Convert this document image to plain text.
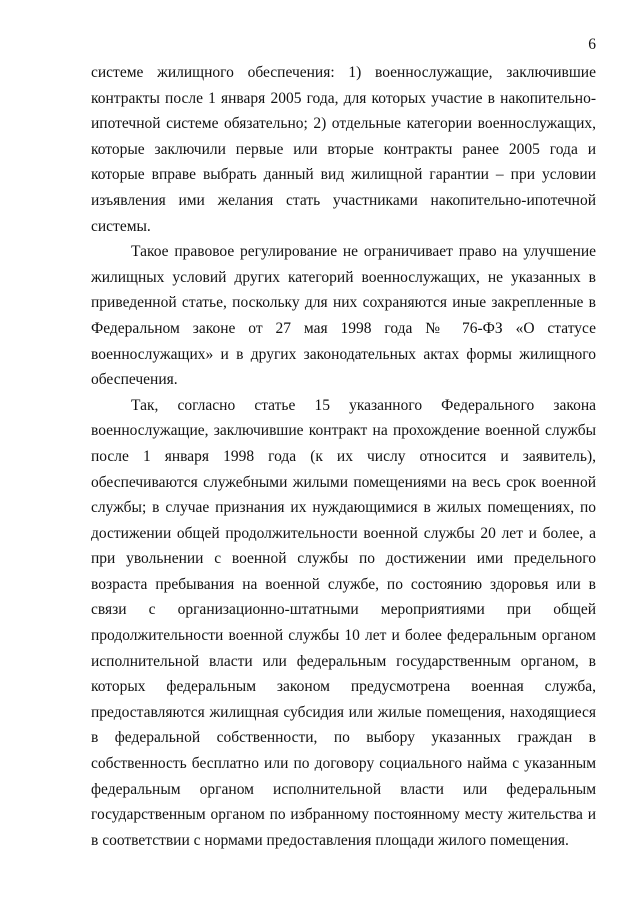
6

системе жилищного обеспечения: 1) военнослужащие, заключившие контракты после 1 января 2005 года, для которых участие в накопительно-ипотечной системе обязательно; 2) отдельные категории военнослужащих, которые заключили первые или вторые контракты ранее 2005 года и которые вправе выбрать данный вид жилищной гарантии – при условии изъявления ими желания стать участниками накопительно-ипотечной системы.

Такое правовое регулирование не ограничивает право на улучшение жилищных условий других категорий военнослужащих, не указанных в приведенной статье, поскольку для них сохраняются иные закрепленные в Федеральном законе от 27 мая 1998 года № 76-ФЗ «О статусе военнослужащих» и в других законодательных актах формы жилищного обеспечения.

Так, согласно статье 15 указанного Федерального закона военнослужащие, заключившие контракт на прохождение военной службы после 1 января 1998 года (к их числу относится и заявитель), обеспечиваются служебными жилыми помещениями на весь срок военной службы; в случае признания их нуждающимися в жилых помещениях, по достижении общей продолжительности военной службы 20 лет и более, а при увольнении с военной службы по достижении ими предельного возраста пребывания на военной службе, по состоянию здоровья или в связи с организационно-штатными мероприятиями при общей продолжительности военной службы 10 лет и более федеральным органом исполнительной власти или федеральным государственным органом, в которых федеральным законом предусмотрена военная служба, предоставляются жилищная субсидия или жилые помещения, находящиеся в федеральной собственности, по выбору указанных граждан в собственность бесплатно или по договору социального найма с указанным федеральным органом исполнительной власти или федеральным государственным органом по избранному постоянному месту жительства и в соответствии с нормами предоставления площади жилого помещения.
